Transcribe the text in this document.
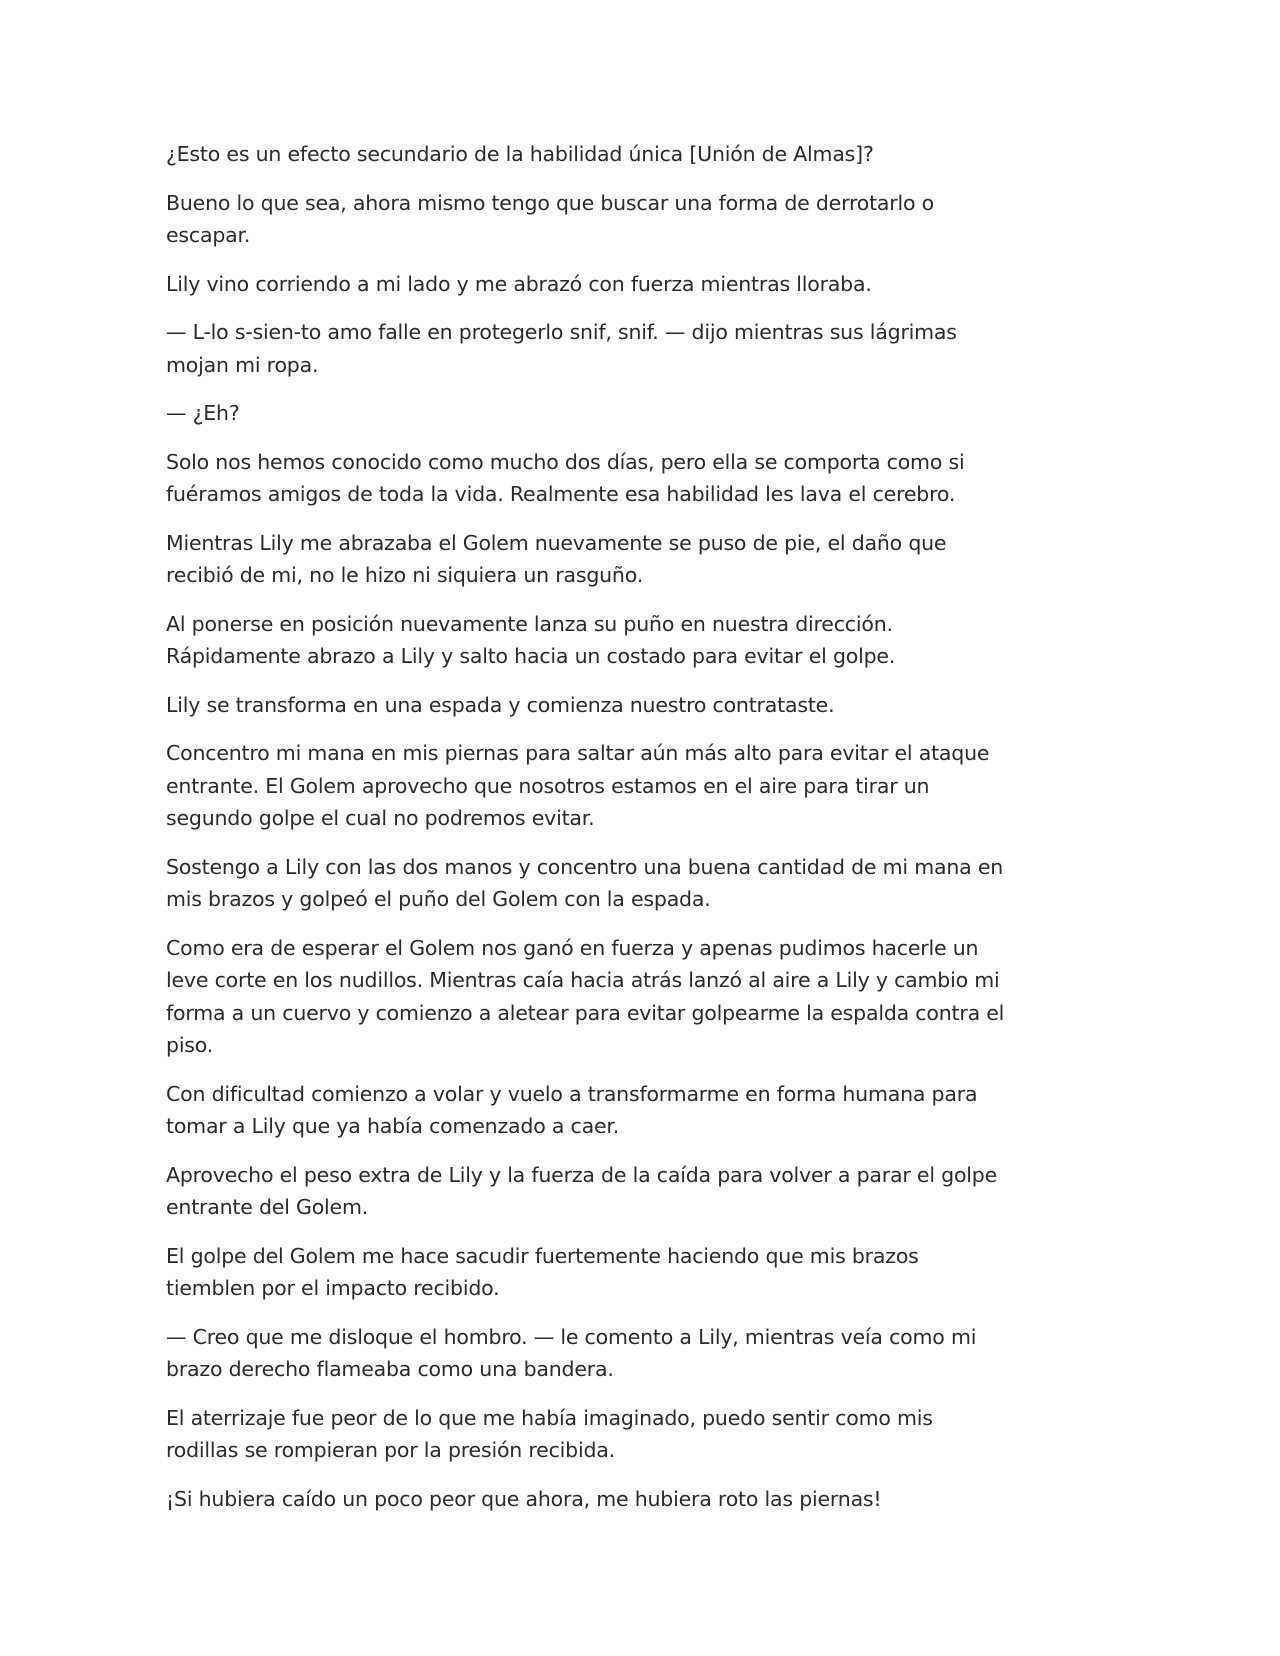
¿Esto es un efecto secundario de la habilidad única [Unión de Almas]?

Bueno lo que sea, ahora mismo tengo que buscar una forma de derrotarlo o escapar.

Lily vino corriendo a mi lado y me abrazó con fuerza mientras lloraba.

— L-lo s-sien-to amo falle en protegerlo snif, snif. — dijo mientras sus lágrimas mojan mi ropa.

— ¿Eh?

Solo nos hemos conocido como mucho dos días, pero ella se comporta como si fuéramos amigos de toda la vida. Realmente esa habilidad les lava el cerebro.

Mientras Lily me abrazaba el Golem nuevamente se puso de pie, el daño que recibió de mi, no le hizo ni siquiera un rasguño.

Al ponerse en posición nuevamente lanza su puño en nuestra dirección. Rápidamente abrazo a Lily y salto hacia un costado para evitar el golpe.

Lily se transforma en una espada y comienza nuestro contrataste.

Concentro mi mana en mis piernas para saltar aún más alto para evitar el ataque entrante. El Golem aprovecho que nosotros estamos en el aire para tirar un segundo golpe el cual no podremos evitar.

Sostengo a Lily con las dos manos y concentro una buena cantidad de mi mana en mis brazos y golpeó el puño del Golem con la espada.

Como era de esperar el Golem nos ganó en fuerza y apenas pudimos hacerle un leve corte en los nudillos. Mientras caía hacia atrás lanzó al aire a Lily y cambio mi forma a un cuervo y comienzo a aletear para evitar golpearme la espalda contra el piso.

Con dificultad comienzo a volar y vuelo a transformarme en forma humana para tomar a Lily que ya había comenzado a caer.

Aprovecho el peso extra de Lily y la fuerza de la caída para volver a parar el golpe entrante del Golem.

El golpe del Golem me hace sacudir fuertemente haciendo que mis brazos tiemblen por el impacto recibido.

— Creo que me disloque el hombro. — le comento a Lily, mientras veía como mi brazo derecho flameaba como una bandera.

El aterrizaje fue peor de lo que me había imaginado, puedo sentir como mis rodillas se rompieran por la presión recibida.

¡Si hubiera caído un poco peor que ahora, me hubiera roto las piernas!
